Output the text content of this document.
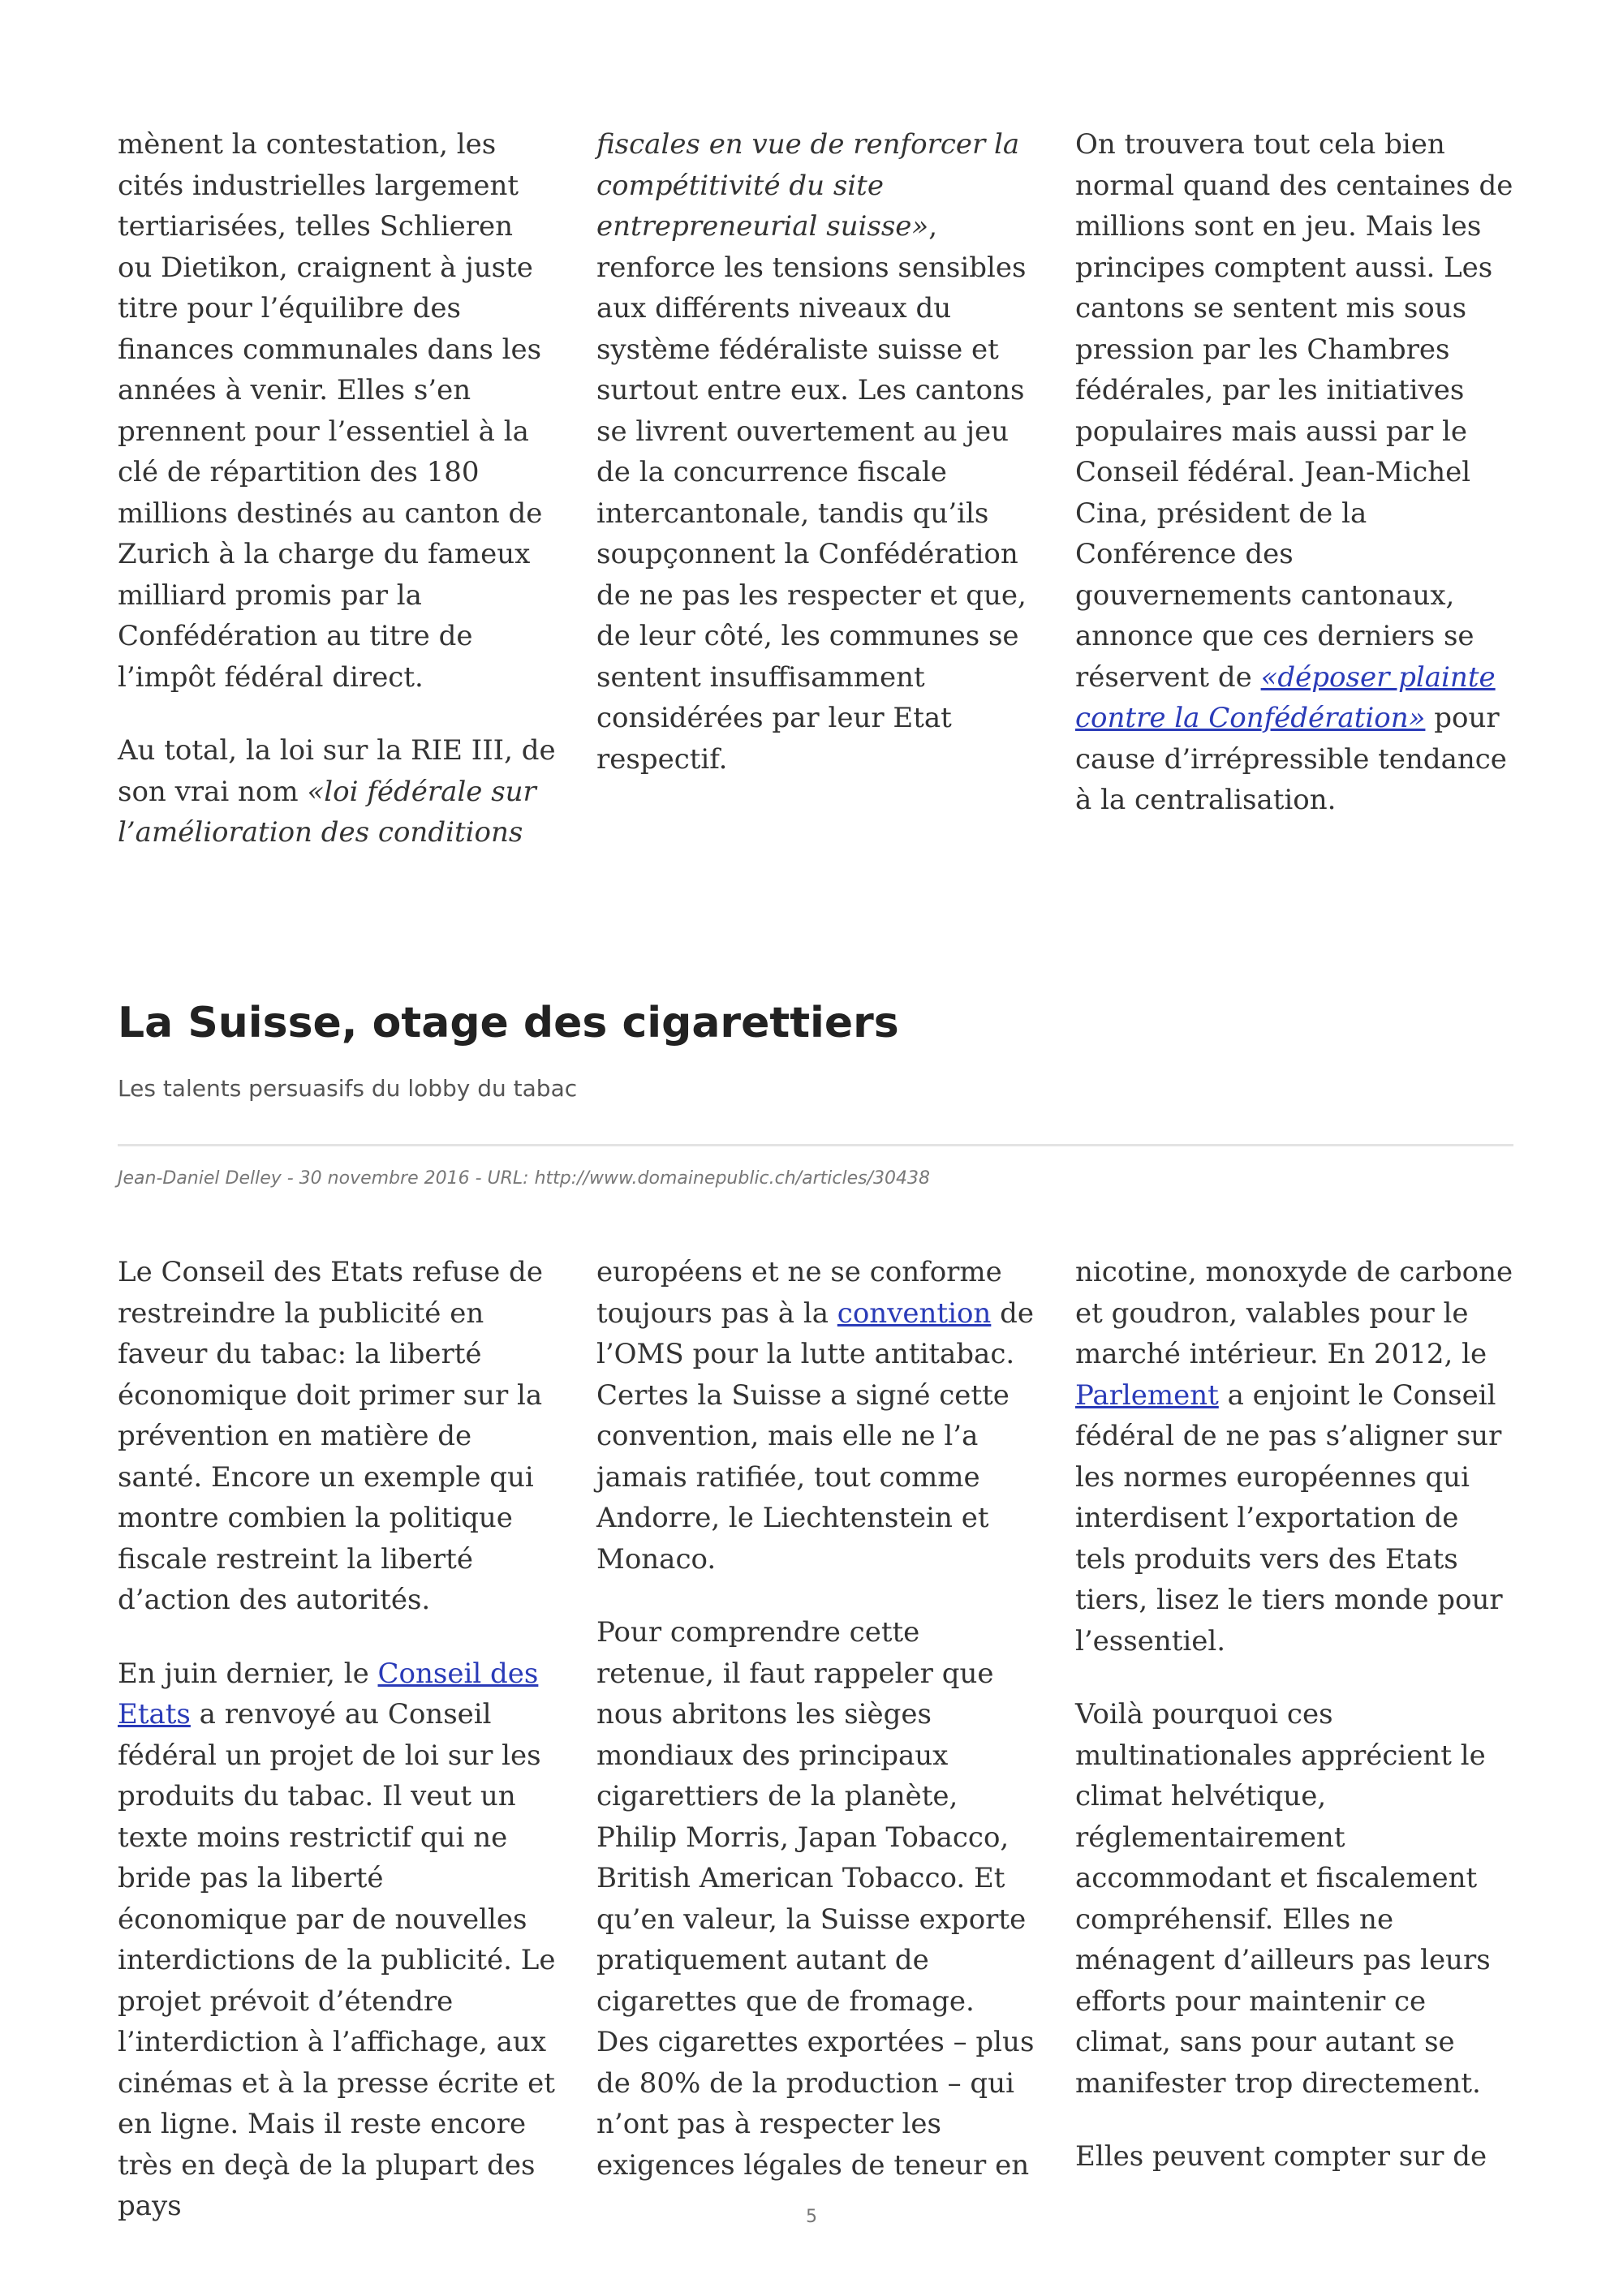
mènent la contestation, les cités industrielles largement tertiarisées, telles Schlieren ou Dietikon, craignent à juste titre pour l’équilibre des finances communales dans les années à venir. Elles s’en prennent pour l’essentiel à la clé de répartition des 180 millions destinés au canton de Zurich à la charge du fameux milliard promis par la Confédération au titre de l’impôt fédéral direct.

Au total, la loi sur la RIE III, de son vrai nom «loi fédérale sur l’amélioration des conditions

fiscales en vue de renforcer la compétitivité du site entrepreneurial suisse», renforce les tensions sensibles aux différents niveaux du système fédéraliste suisse et surtout entre eux. Les cantons se livrent ouvertement au jeu de la concurrence fiscale intercantonale, tandis qu’ils soupçonnent la Confédération de ne pas les respecter et que, de leur côté, les communes se sentent insuffisamment considérées par leur Etat respectif.

On trouvera tout cela bien normal quand des centaines de millions sont en jeu. Mais les principes comptent aussi. Les cantons se sentent mis sous pression par les Chambres fédérales, par les initiatives populaires mais aussi par le Conseil fédéral. Jean-Michel Cina, président de la Conférence des gouvernements cantonaux, annonce que ces derniers se réservent de «déposer plainte contre la Confédération» pour cause d’irrépressible tendance à la centralisation.

La Suisse, otage des cigarettiers

Les talents persuasifs du lobby du tabac

Jean-Daniel Delley - 30 novembre 2016 - URL: http://www.domainepublic.ch/articles/30438

Le Conseil des Etats refuse de restreindre la publicité en faveur du tabac: la liberté économique doit primer sur la prévention en matière de santé. Encore un exemple qui montre combien la politique fiscale restreint la liberté d’action des autorités.

En juin dernier, le Conseil des Etats a renvoyé au Conseil fédéral un projet de loi sur les produits du tabac. Il veut un texte moins restrictif qui ne bride pas la liberté économique par de nouvelles interdictions de la publicité. Le projet prévoit d’étendre l’interdiction à l’affichage, aux cinémas et à la presse écrite et en ligne. Mais il reste encore très en deçà de la plupart des pays

européens et ne se conforme toujours pas à la convention de l’OMS pour la lutte antitabac. Certes la Suisse a signé cette convention, mais elle ne l’a jamais ratifiée, tout comme Andorre, le Liechtenstein et Monaco.

Pour comprendre cette retenue, il faut rappeler que nous abritons les sièges mondiaux des principaux cigarettiers de la planète, Philip Morris, Japan Tobacco, British American Tobacco. Et qu’en valeur, la Suisse exporte pratiquement autant de cigarettes que de fromage. Des cigarettes exportées – plus de 80% de la production – qui n’ont pas à respecter les exigences légales de teneur en

nicotine, monoxyde de carbone et goudron, valables pour le marché intérieur. En 2012, le Parlement a enjoint le Conseil fédéral de ne pas s’aligner sur les normes européennes qui interdisent l’exportation de tels produits vers des Etats tiers, lisez le tiers monde pour l’essentiel.

Voilà pourquoi ces multinationales apprécient le climat helvétique, réglementairement accommodant et fiscalement compréhensif. Elles ne ménagent d’ailleurs pas leurs efforts pour maintenir ce climat, sans pour autant se manifester trop directement.

Elles peuvent compter sur de

5
